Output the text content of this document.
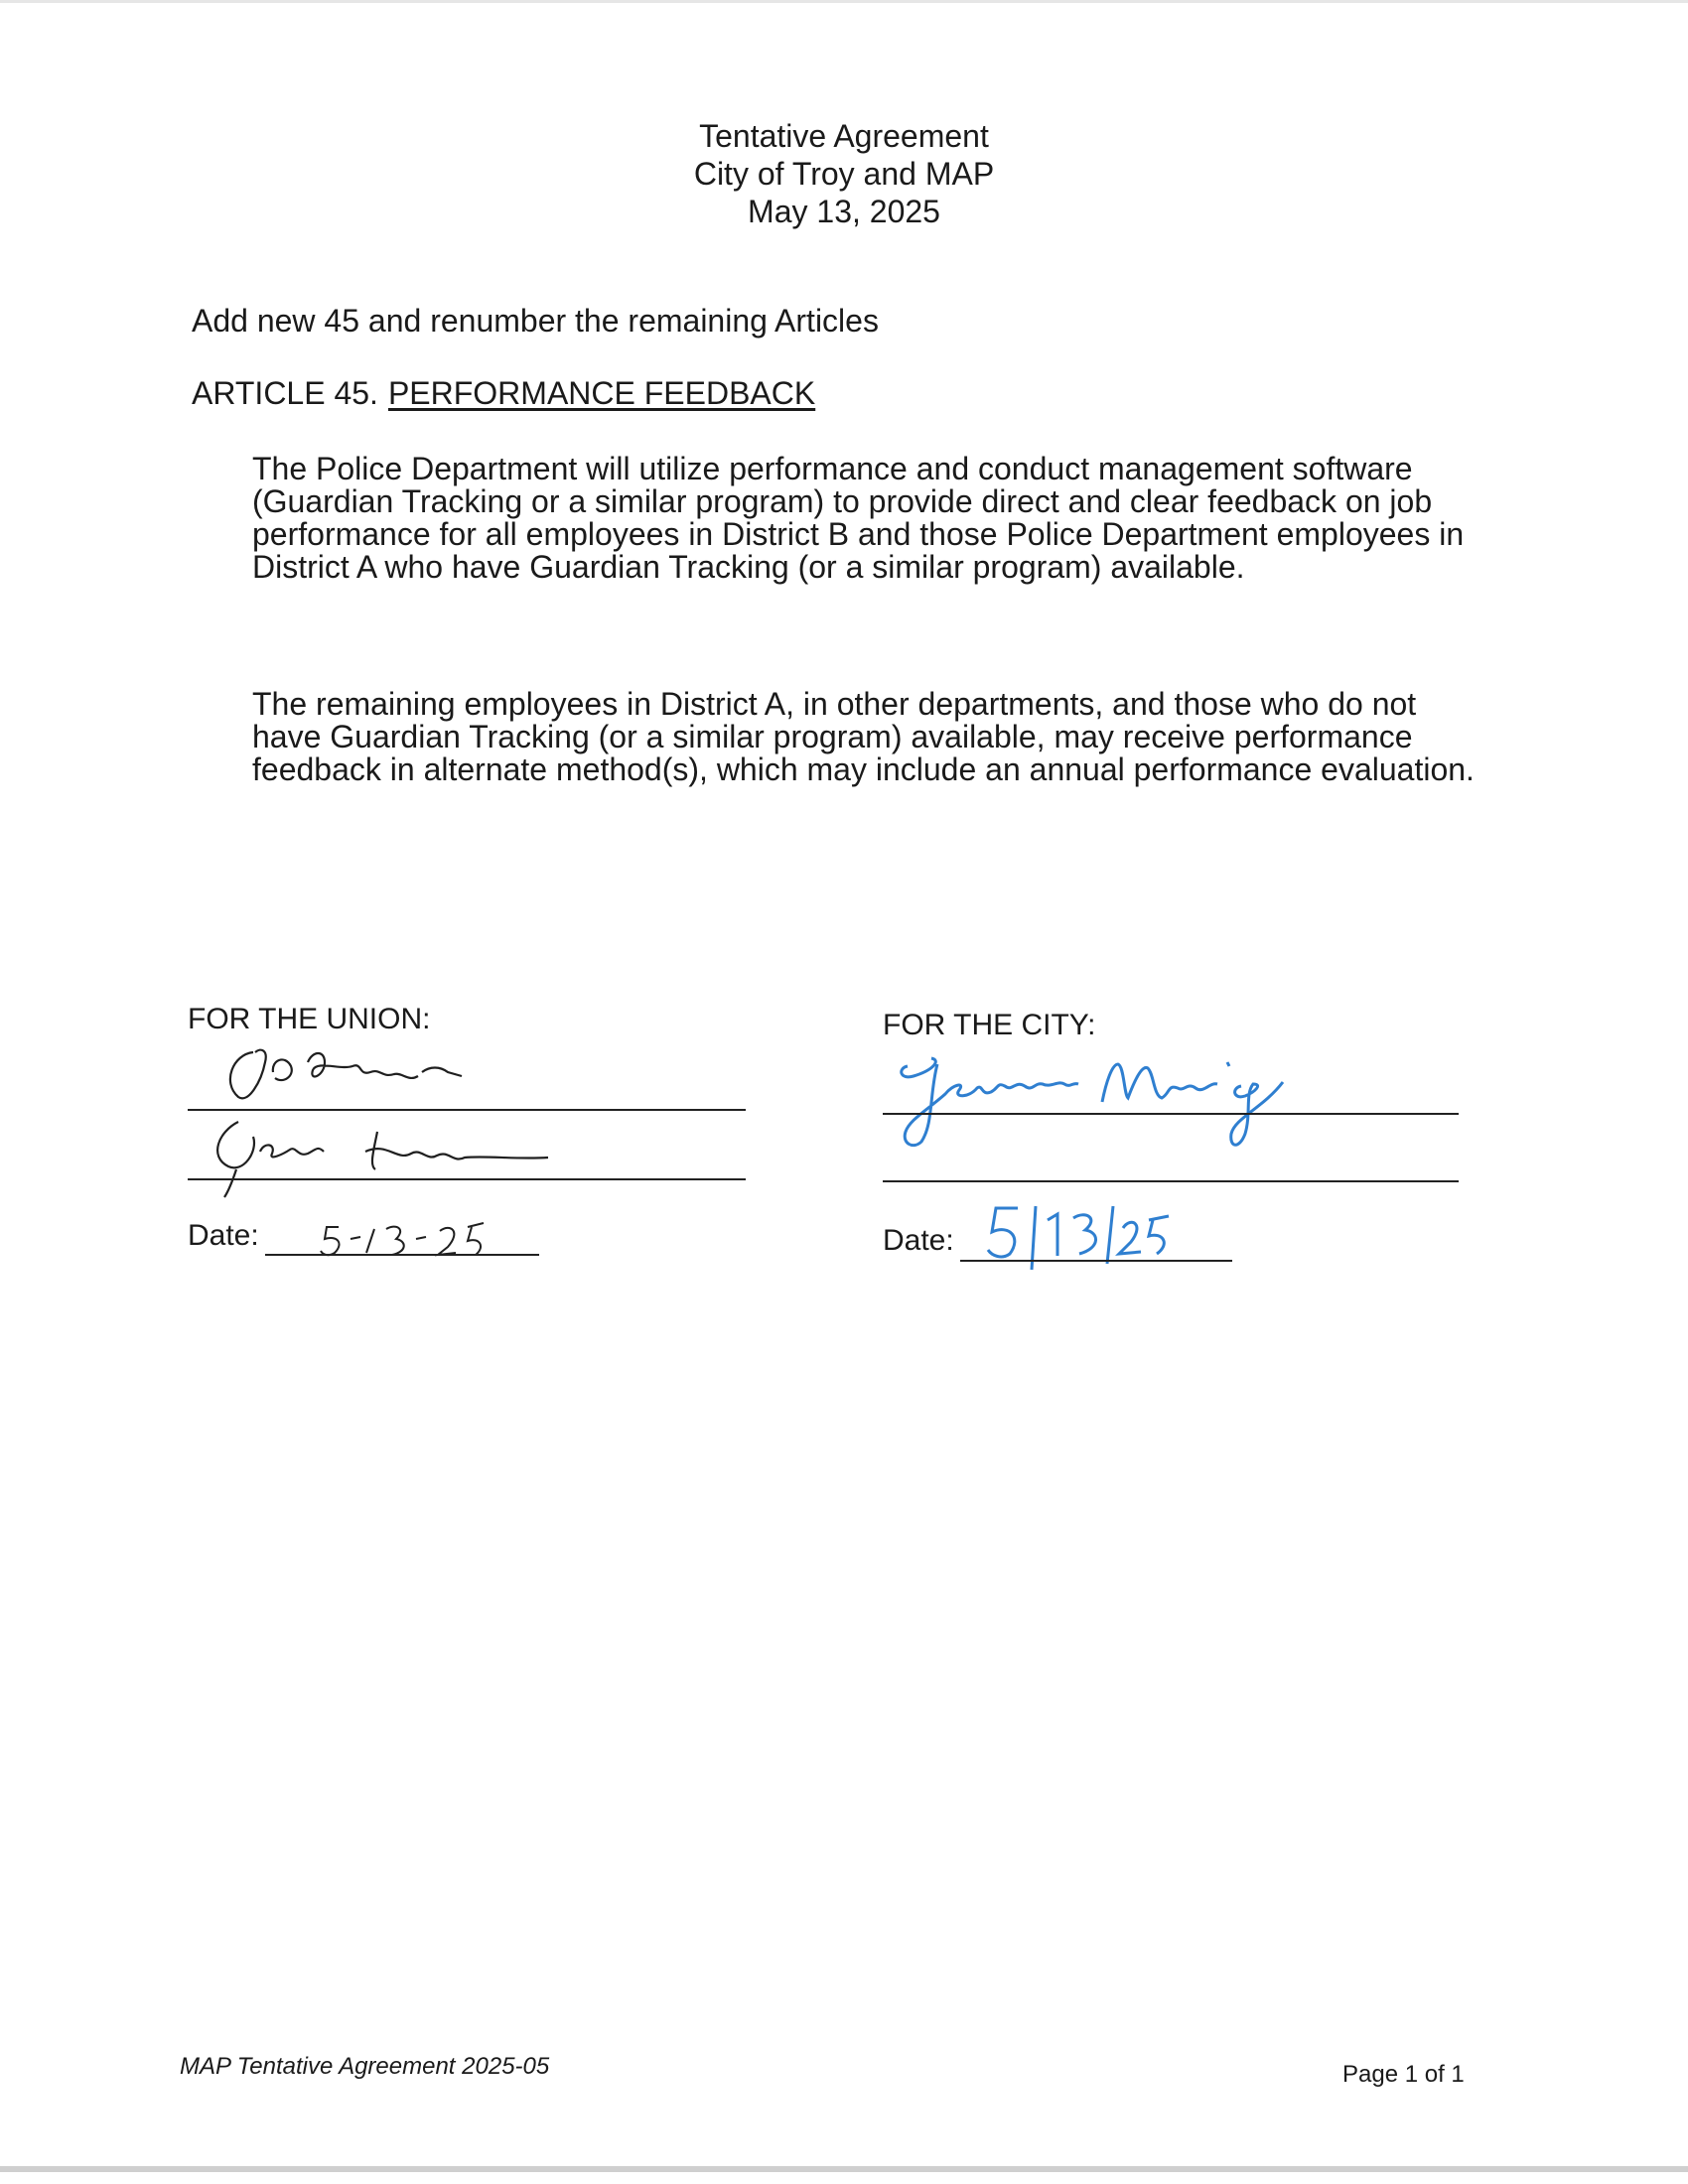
Tentative Agreement
City of Troy and MAP
May 13, 2025
Add new 45 and renumber the remaining Articles
ARTICLE 45. PERFORMANCE FEEDBACK
The Police Department will utilize performance and conduct management software (Guardian Tracking or a similar program) to provide direct and clear feedback on job performance for all employees in District B and those Police Department employees in District A who have Guardian Tracking (or a similar program) available.
The remaining employees in District A, in other departments, and those who do not have Guardian Tracking (or a similar program) available, may receive performance feedback in alternate method(s), which may include an annual performance evaluation.
FOR THE UNION:
Date:
FOR THE CITY:
Date:
MAP Tentative Agreement 2025-05	Page 1 of 1
